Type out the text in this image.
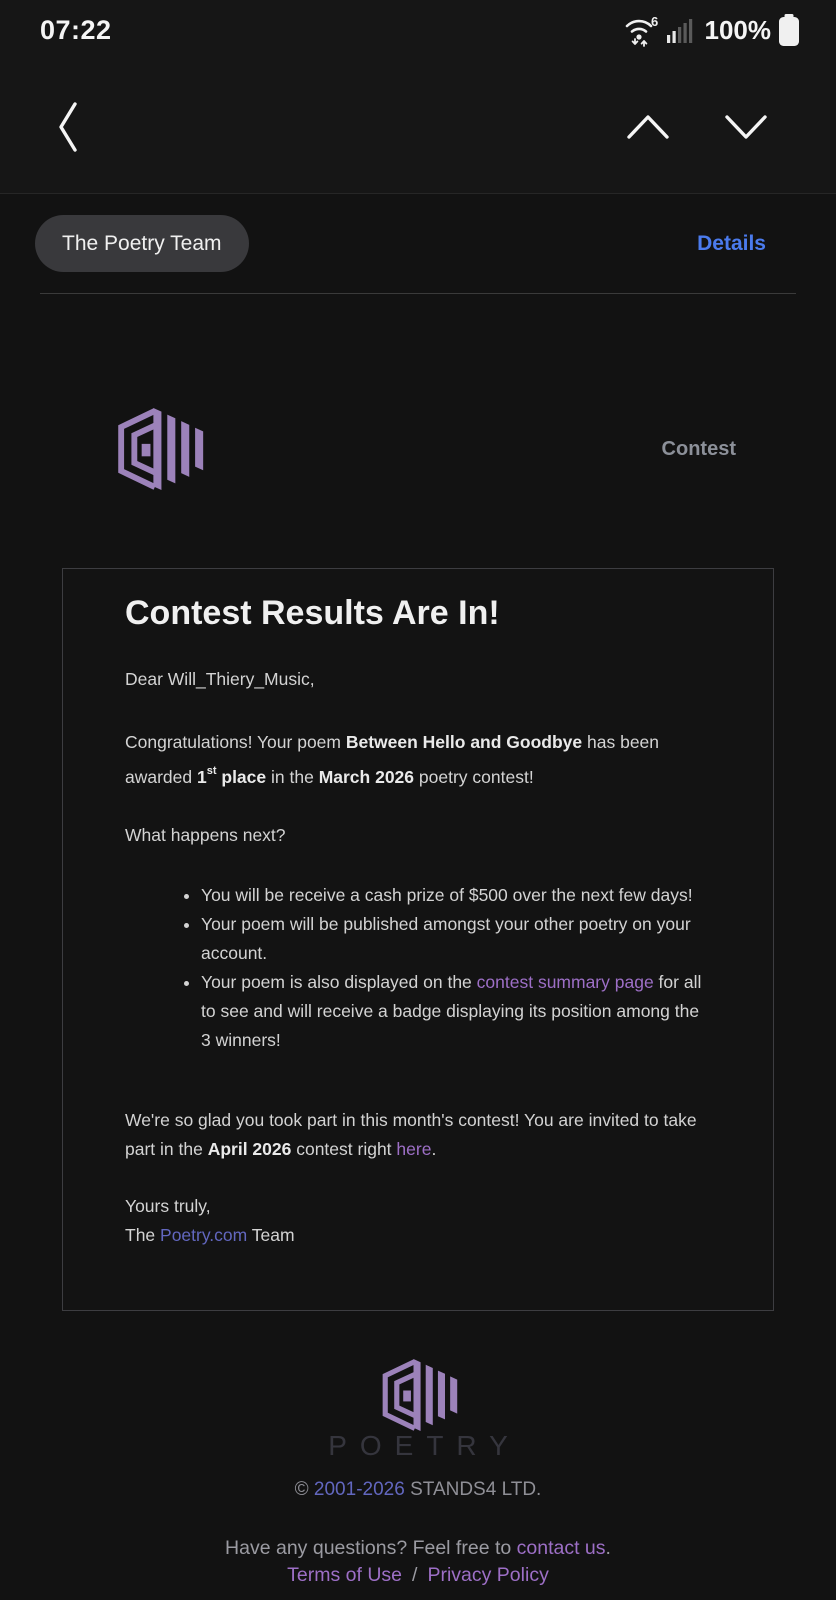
07:22	6 100%
The Poetry Team	Details
Contest
Contest Results Are In!

Dear Will_Thiery_Music,

Congratulations! Your poem Between Hello and Goodbye has been awarded 1st place in the March 2026 poetry contest!

What happens next?

• You will be receive a cash prize of $500 over the next few days!
• Your poem will be published amongst your other poetry on your account.
• Your poem is also displayed on the contest summary page for all to see and will receive a badge displaying its position among the 3 winners!

We're so glad you took part in this month's contest! You are invited to take part in the April 2026 contest right here.

Yours truly,
The Poetry.com Team

POETRY
© 2001-2026 STANDS4 LTD.
Have any questions? Feel free to contact us.
Terms of Use / Privacy Policy
